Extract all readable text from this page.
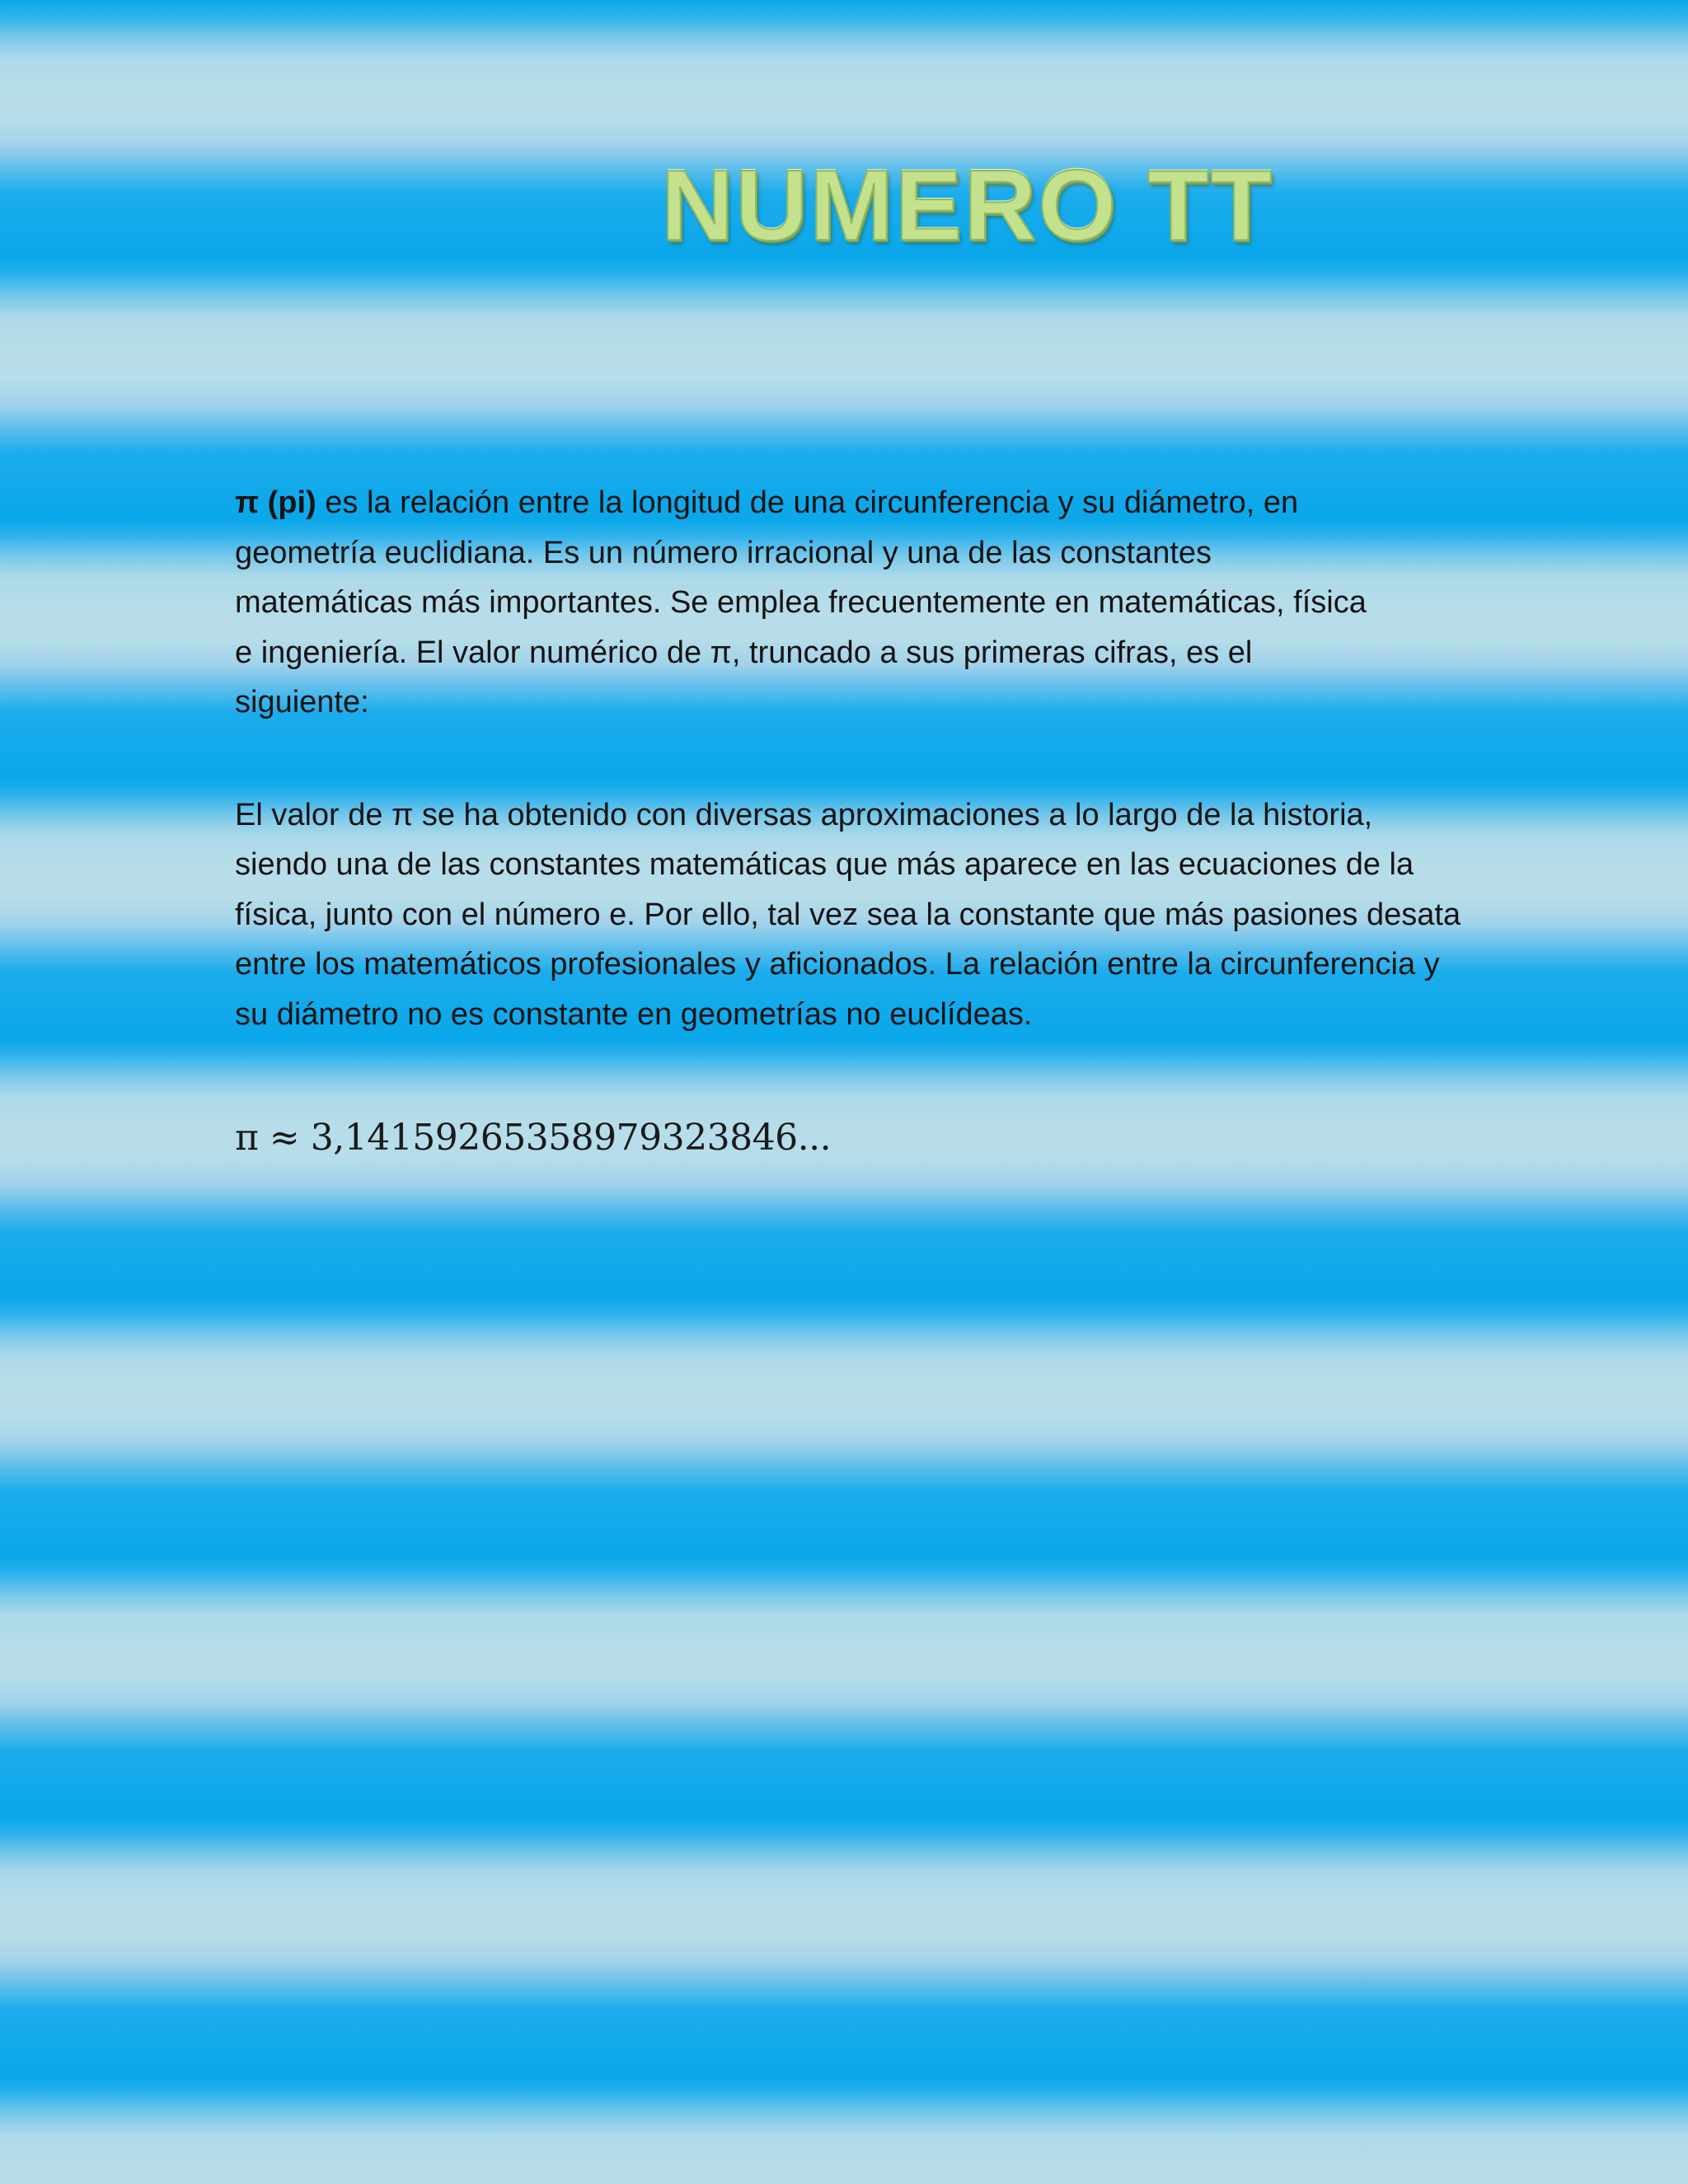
NUMERO TT

π (pi) es la relación entre la longitud de una circunferencia y su diámetro, en geometría euclidiana. Es un número irracional y una de las constantes matemáticas más importantes. Se emplea frecuentemente en matemáticas, física e ingeniería. El valor numérico de π, truncado a sus primeras cifras, es el siguiente:

El valor de π se ha obtenido con diversas aproximaciones a lo largo de la historia, siendo una de las constantes matemáticas que más aparece en las ecuaciones de la física, junto con el número e. Por ello, tal vez sea la constante que más pasiones desata entre los matemáticos profesionales y aficionados. La relación entre la circunferencia y su diámetro no es constante en geometrías no euclídeas.

π ≈ 3,14159265358979323846...
